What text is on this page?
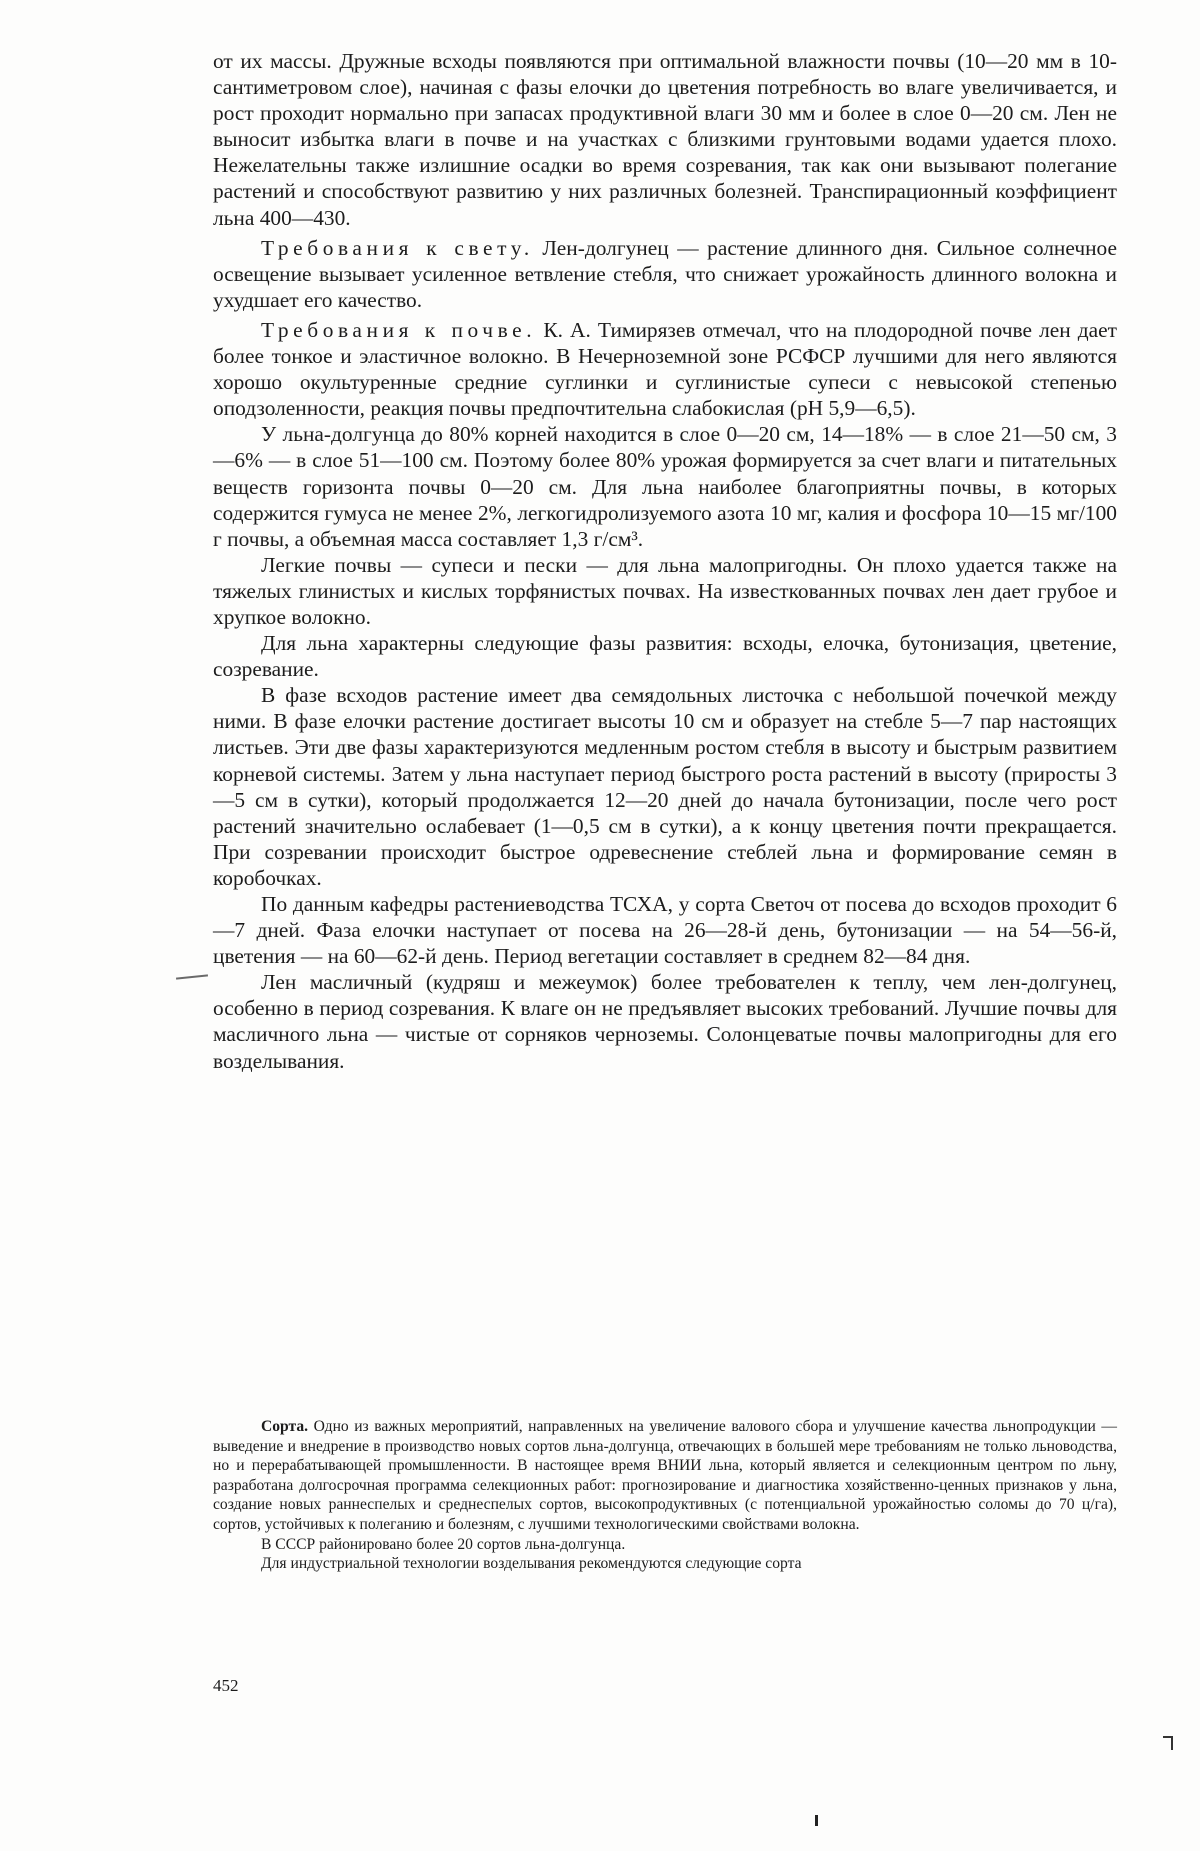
от их массы. Дружные всходы появляются при оптимальной влажности почвы (10—20 мм в 10-сантиметровом слое), начиная с фазы елочки до цветения потребность во влаге увеличивается, и рост проходит нормально при запасах продуктивной влаги 30 мм и более в слое 0—20 см. Лен не выносит избытка влаги в почве и на участках с близкими грунтовыми водами удается плохо. Нежелательны также излишние осадки во время созревания, так как они вызывают полегание растений и способствуют развитию у них различных болезней. Транспирационный коэффициент льна 400—430.

Требования к свету. Лен-долгунец — растение длинного дня. Сильное солнечное освещение вызывает усиленное ветвление стебля, что снижает урожайность длинного волокна и ухудшает его качество.

Требования к почве. К. А. Тимирязев отмечал, что на плодородной почве лен дает более тонкое и эластичное волокно. В Нечерноземной зоне РСФСР лучшими для него являются хорошо окультуренные средние суглинки и суглинистые супеси с невысокой степенью оподзоленности, реакция почвы предпочтительна слабокислая (pH 5,9—6,5).

У льна-долгунца до 80% корней находится в слое 0—20 см, 14—18% — в слое 21—50 см, 3—6% — в слое 51—100 см. Поэтому более 80% урожая формируется за счет влаги и питательных веществ горизонта почвы 0—20 см. Для льна наиболее благоприятны почвы, в которых содержится гумуса не менее 2%, легкогидролизуемого азота 10 мг, калия и фосфора 10—15 мг/100 г почвы, а объемная масса составляет 1,3 г/см³.

Легкие почвы — супеси и пески — для льна малопригодны. Он плохо удается также на тяжелых глинистых и кислых торфянистых почвах. На известкованных почвах лен дает грубое и хрупкое волокно.

Для льна характерны следующие фазы развития: всходы, елочка, бутонизация, цветение, созревание.

В фазе всходов растение имеет два семядольных листочка с небольшой почечкой между ними. В фазе елочки растение достигает высоты 10 см и образует на стебле 5—7 пар настоящих листьев. Эти две фазы характеризуются медленным ростом стебля в высоту и быстрым развитием корневой системы. Затем у льна наступает период быстрого роста растений в высоту (приросты 3—5 см в сутки), который продолжается 12—20 дней до начала бутонизации, после чего рост растений значительно ослабевает (1—0,5 см в сутки), а к концу цветения почти прекращается. При созревании происходит быстрое одревеснение стеблей льна и формирование семян в коробочках.

По данным кафедры растениеводства ТСХА, у сорта Светоч от посева до всходов проходит 6—7 дней. Фаза елочки наступает от посева на 26—28-й день, бутонизации — на 54—56-й, цветения — на 60—62-й день. Период вегетации составляет в среднем 82—84 дня.

Лен масличный (кудряш и межеумок) более требователен к теплу, чем лен-долгунец, особенно в период созревания. К влаге он не предъявляет высоких требований. Лучшие почвы для масличного льна — чистые от сорняков черноземы. Солонцеватые почвы малопригодны для его возделывания.

Сорта. Одно из важных мероприятий, направленных на увеличение валового сбора и улучшение качества льнопродукции — выведение и внедрение в производство новых сортов льна-долгунца, отвечающих в большей мере требованиям не только льноводства, но и перерабатывающей промышленности. В настоящее время ВНИИ льна, который является и селекционным центром по льну, разработана долгосрочная программа селекционных работ: прогнозирование и диагностика хозяйственно-ценных признаков у льна, создание новых раннеспелых и среднеспелых сортов, высокопродуктивных (с потенциальной урожайностью соломы до 70 ц/га), сортов, устойчивых к полеганию и болезням, с лучшими технологическими свойствами волокна.

В СССР районировано более 20 сортов льна-долгунца.

Для индустриальной технологии возделывания рекомендуются следующие сорта

452
